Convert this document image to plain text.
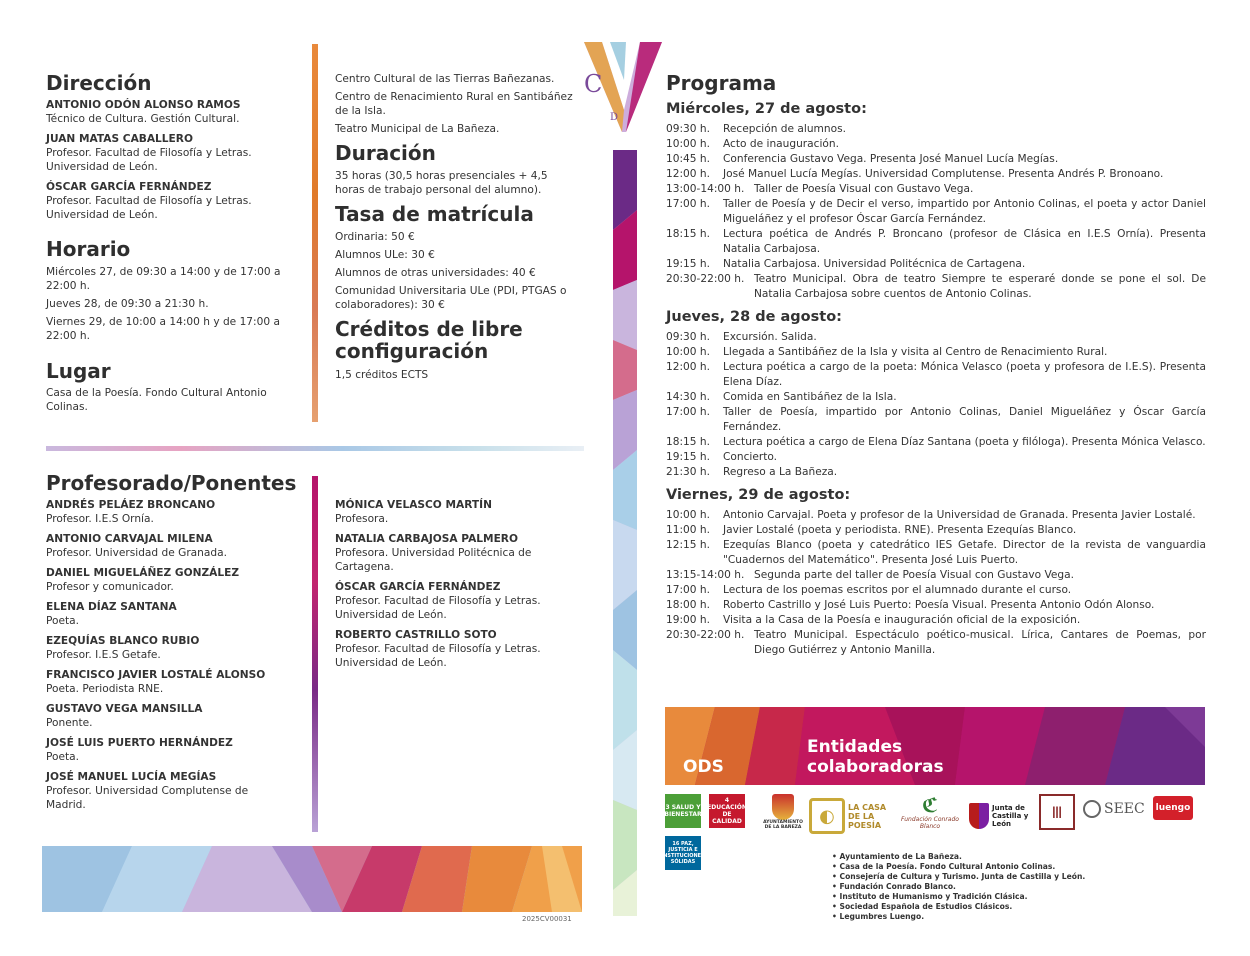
Dirección
ANTONIO ODÓN ALONSO RAMOS
Técnico de Cultura. Gestión Cultural.
JUAN MATAS CABALLERO
Profesor. Facultad de Filosofía y Letras. Universidad de León.
ÓSCAR GARCÍA FERNÁNDEZ
Profesor. Facultad de Filosofía y Letras. Universidad de León.
Horario
Miércoles 27, de 09:30 a 14:00 y de 17:00 a 22:00 h.
Jueves 28, de 09:30 a 21:30 h.
Viernes 29, de 10:00 a 14:00 h y de 17:00 a 22:00 h.
Lugar
Casa de la Poesía. Fondo Cultural Antonio Colinas.
Centro Cultural de las Tierras Bañezanas.
Centro de Renacimiento Rural en Santibáñez de la Isla.
Teatro Municipal de La Bañeza.
Duración
35 horas (30,5 horas presenciales + 4,5 horas de trabajo personal del alumno).
Tasa de matrícula
Ordinaria: 50 €
Alumnos ULe: 30 €
Alumnos de otras universidades: 40 €
Comunidad Universitaria ULe (PDI, PTGAS o colaboradores): 30 €
Créditos de libre configuración
1,5 créditos ECTS
Profesorado/Ponentes
ANDRÉS PELÁEZ BRONCANO
Profesor. I.E.S Ornía.
ANTONIO CARVAJAL MILENA
Profesor. Universidad de Granada.
DANIEL MIGUELÁÑEZ GONZÁLEZ
Profesor y comunicador.
ELENA DÍAZ SANTANA
Poeta.
EZEQUÍAS BLANCO RUBIO
Profesor. I.E.S Getafe.
FRANCISCO JAVIER LOSTALÉ ALONSO
Poeta. Periodista RNE.
GUSTAVO VEGA MANSILLA
Ponente.
JOSÉ LUIS PUERTO HERNÁNDEZ
Poeta.
JOSÉ MANUEL LUCÍA MEGÍAS
Profesor. Universidad Complutense de Madrid.
MÓNICA VELASCO MARTÍN
Profesora.
NATALIA CARBAJOSA PALMERO
Profesora. Universidad Politécnica de Cartagena.
ÓSCAR GARCÍA FERNÁNDEZ
Profesor. Facultad de Filosofía y Letras. Universidad de León.
ROBERTO CASTRILLO SOTO
Profesor. Facultad de Filosofía y Letras. Universidad de León.
2025CV00031
C
D
Programa
Miércoles, 27 de agosto:
09:30 h.	Recepción de alumnos.
10:00 h.	Acto de inauguración.
10:45 h.	Conferencia Gustavo Vega. Presenta José Manuel Lucía Megías.
12:00 h.	José Manuel Lucía Megías. Universidad Complutense. Presenta Andrés P. Bronoano.
13:00-14:00 h. Taller de Poesía Visual con Gustavo Vega.
17:00 h.	Taller de Poesía y de Decir el verso, impartido por Antonio Colinas, el poeta y actor Daniel Migueláñez y el profesor Óscar García Fernández.
18:15 h.	Lectura poética de Andrés P. Broncano (profesor de Clásica en I.E.S Ornía). Presenta Natalia Carbajosa.
19:15 h.	Natalia Carbajosa. Universidad Politécnica de Cartagena.
20:30-22:00 h. Teatro Municipal. Obra de teatro Siempre te esperaré donde se pone el sol. De Natalia Carbajosa sobre cuentos de Antonio Colinas.
Jueves, 28 de agosto:
09:30 h.	Excursión. Salida.
10:00 h.	Llegada a Santibáñez de la Isla y visita al Centro de Renacimiento Rural.
12:00 h.	Lectura poética a cargo de la poeta: Mónica Velasco (poeta y profesora de I.E.S). Presenta Elena Díaz.
14:30 h.	Comida en Santibáñez de la Isla.
17:00 h.	Taller de Poesía, impartido por Antonio Colinas, Daniel Migueláñez y Óscar García Fernández.
18:15 h.	Lectura poética a cargo de Elena Díaz Santana (poeta y filóloga). Presenta Mónica Velasco.
19:15 h.	Concierto.
21:30 h.	Regreso a La Bañeza.
Viernes, 29 de agosto:
10:00 h.	Antonio Carvajal. Poeta y profesor de la Universidad de Granada. Presenta Javier Lostalé.
11:00 h.	Javier Lostalé (poeta y periodista. RNE). Presenta Ezequías Blanco.
12:15 h.	Ezequías Blanco (poeta y catedrático IES Getafe. Director de la revista de vanguardia "Cuadernos del Matemático". Presenta José Luis Puerto.
13:15-14:00 h. Segunda parte del taller de Poesía Visual con Gustavo Vega.
17:00 h.	Lectura de los poemas escritos por el alumnado durante el curso.
18:00 h.	Roberto Castrillo y José Luis Puerto: Poesía Visual. Presenta Antonio Odón Alonso.
19:00 h.	Visita a la Casa de la Poesía e inauguración oficial de la exposición.
20:30-22:00 h. Teatro Municipal. Espectáculo poético-musical. Lírica, Cantares de Poemas, por Diego Gutiérrez y Antonio Manilla.
ODS
Entidades colaboradoras
3 SALUD Y BIENESTAR
4 EDUCACIÓN DE CALIDAD	AYUNTAMIENTO DE LA BAÑEZA
◐	LA CASA DE LA POESÍA
ℭ
Fundación Conrado Blanco
Junta de Castilla y León
Ⅲ	SEEC luengo
16 PAZ, JUSTICIA E INSTITUCIONES SÓLIDAS
• Ayuntamiento de La Bañeza.
• Casa de la Poesía. Fondo Cultural Antonio Colinas.
• Consejería de Cultura y Turismo. Junta de Castilla y León.
• Fundación Conrado Blanco.
• Instituto de Humanismo y Tradición Clásica.
• Sociedad Española de Estudios Clásicos.
• Legumbres Luengo.
